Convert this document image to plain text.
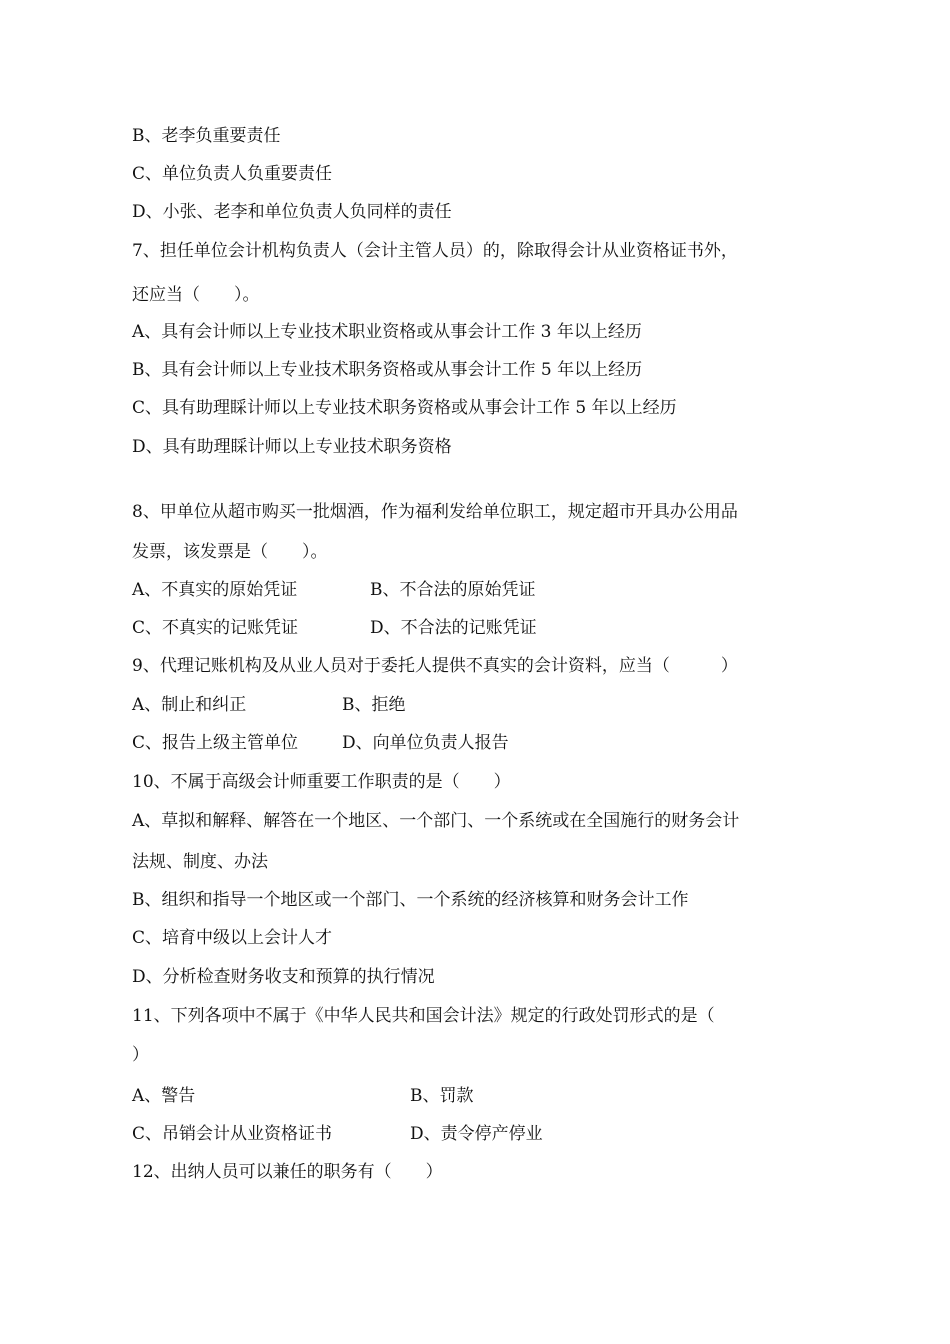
B、老李负重要责任
C、单位负责人负重要责任
D、小张、老李和单位负责人负同样的责任
7、担任单位会计机构负责人（会计主管人员）的，除取得会计从业资格证书外，
还应当（　　）。
A、具有会计师以上专业技术职业资格或从事会计工作 3 年以上经历
B、具有会计师以上专业技术职务资格或从事会计工作 5 年以上经历
C、具有助理睬计师以上专业技术职务资格或从事会计工作 5 年以上经历
D、具有助理睬计师以上专业技术职务资格
8、甲单位从超市购买一批烟酒，作为福利发给单位职工，规定超市开具办公用品
发票，该发票是（　　）。
A、不真实的原始凭证	B、不合法的原始凭证
C、不真实的记账凭证	D、不合法的记账凭证
9、代理记账机构及从业人员对于委托人提供不真实的会计资料，应当（　　　）
A、制止和纠正	B、拒绝
C、报告上级主管单位	D、向单位负责人报告
10、不属于高级会计师重要工作职责的是（　　）
A、草拟和解释、解答在一个地区、一个部门、一个系统或在全国施行的财务会计
法规、制度、办法
B、组织和指导一个地区或一个部门、一个系统的经济核算和财务会计工作
C、培育中级以上会计人才
D、分析检查财务收支和预算的执行情况
11、下列各项中不属于《中华人民共和国会计法》规定的行政处罚形式的是（
）
A、警告	B、罚款
C、吊销会计从业资格证书	D、责令停产停业
12、出纳人员可以兼任的职务有（　　）
